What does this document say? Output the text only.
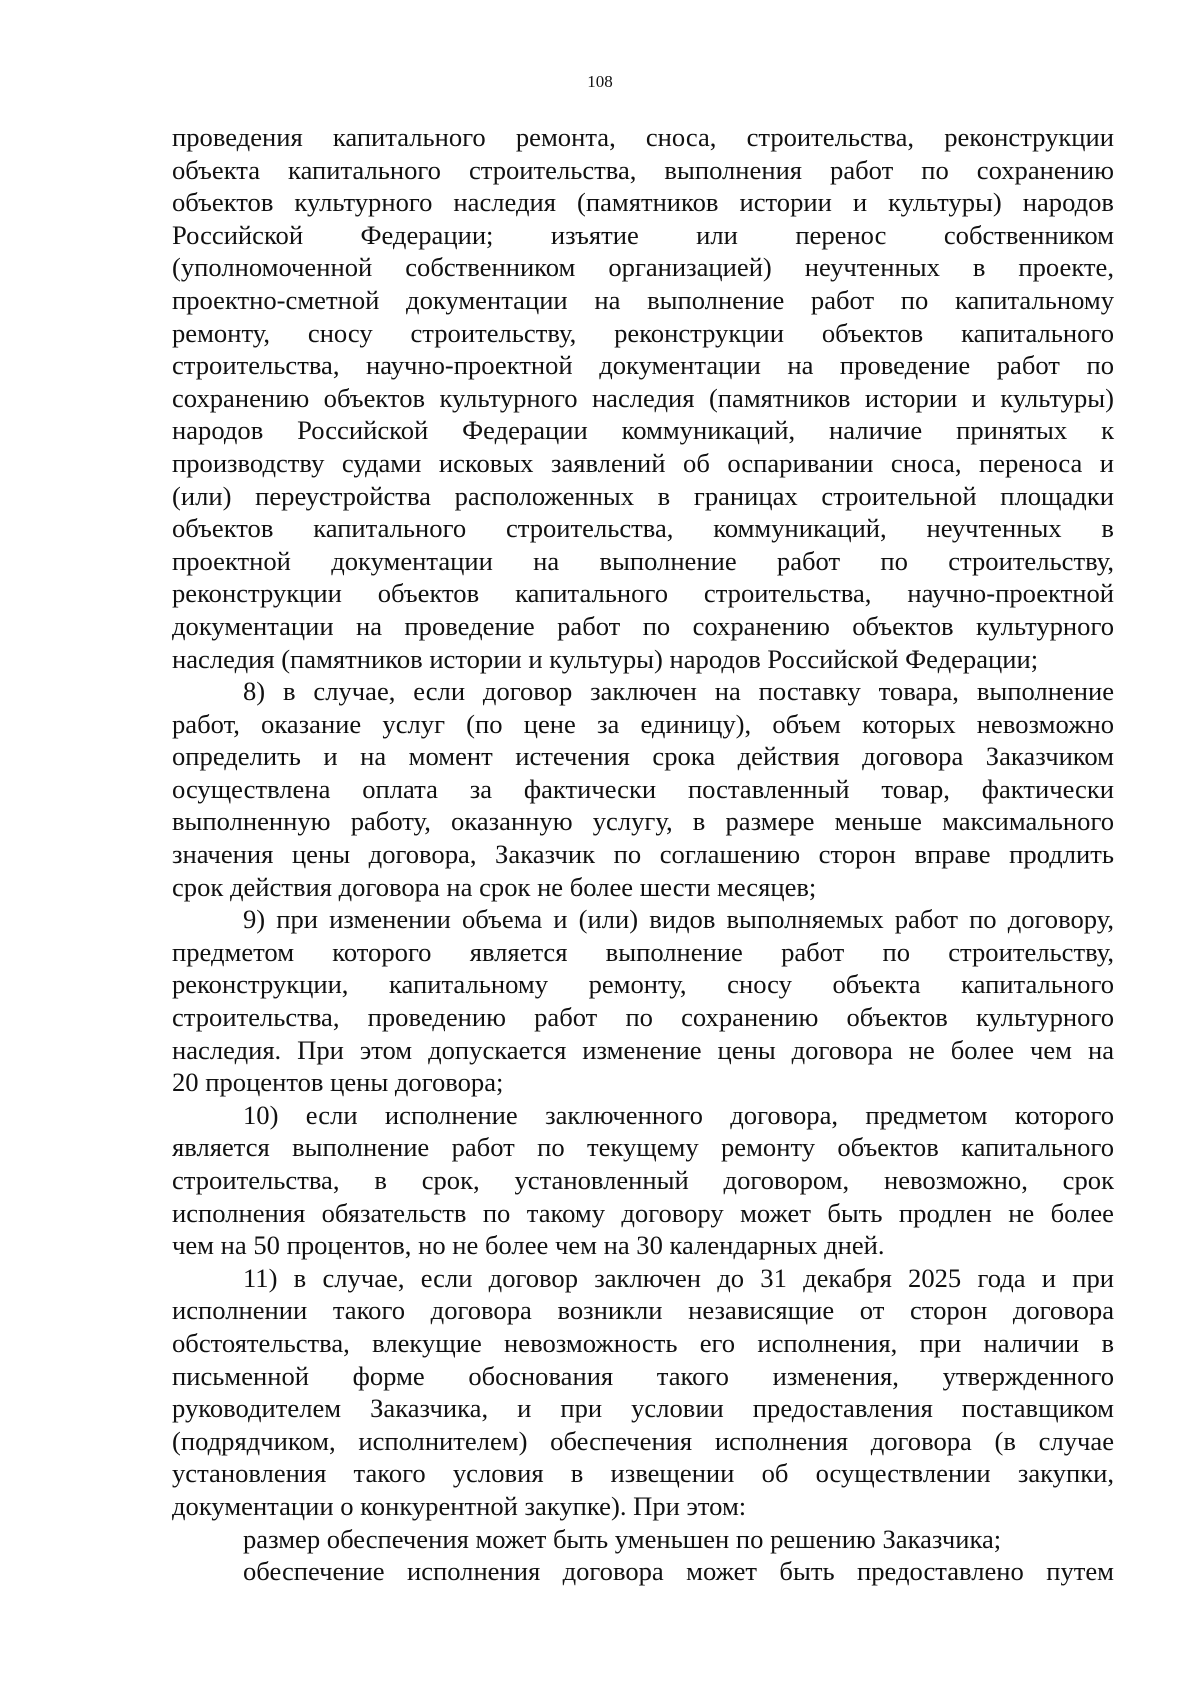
108
проведения капитального ремонта, сноса, строительства, реконструкции
объекта капитального строительства, выполнения работ по сохранению
объектов культурного наследия (памятников истории и культуры) народов
Российской Федерации; изъятие или перенос собственником
(уполномоченной собственником организацией) неучтенных в проекте,
проектно-сметной документации на выполнение работ по капитальному
ремонту, сносу строительству, реконструкции объектов капитального
строительства, научно-проектной документации на проведение работ по
сохранению объектов культурного наследия (памятников истории и культуры)
народов Российской Федерации коммуникаций, наличие принятых к
производству судами исковых заявлений об оспаривании сноса, переноса и
(или) переустройства расположенных в границах строительной площадки
объектов капитального строительства, коммуникаций, неучтенных в
проектной документации на выполнение работ по строительству,
реконструкции объектов капитального строительства, научно-проектной
документации на проведение работ по сохранению объектов культурного
наследия (памятников истории и культуры) народов Российской Федерации;
8) в случае, если договор заключен на поставку товара, выполнение
работ, оказание услуг (по цене за единицу), объем которых невозможно
определить и на момент истечения срока действия договора Заказчиком
осуществлена оплата за фактически поставленный товар, фактически
выполненную работу, оказанную услугу, в размере меньше максимального
значения цены договора, Заказчик по соглашению сторон вправе продлить
срок действия договора на срок не более шести месяцев;
9) при изменении объема и (или) видов выполняемых работ по договору,
предметом которого является выполнение работ по строительству,
реконструкции, капитальному ремонту, сносу объекта капитального
строительства, проведению работ по сохранению объектов культурного
наследия. При этом допускается изменение цены договора не более чем на
20 процентов цены договора;
10) если исполнение заключенного договора, предметом которого
является выполнение работ по текущему ремонту объектов капитального
строительства, в срок, установленный договором, невозможно, срок
исполнения обязательств по такому договору может быть продлен не более
чем на 50 процентов, но не более чем на 30 календарных дней.
11) в случае, если договор заключен до 31 декабря 2025 года и при
исполнении такого договора возникли независящие от сторон договора
обстоятельства, влекущие невозможность его исполнения, при наличии в
письменной форме обоснования такого изменения, утвержденного
руководителем Заказчика, и при условии предоставления поставщиком
(подрядчиком, исполнителем) обеспечения исполнения договора (в случае
установления такого условия в извещении об осуществлении закупки,
документации о конкурентной закупке). При этом:
размер обеспечения может быть уменьшен по решению Заказчика;
обеспечение исполнения договора может быть предоставлено путем
